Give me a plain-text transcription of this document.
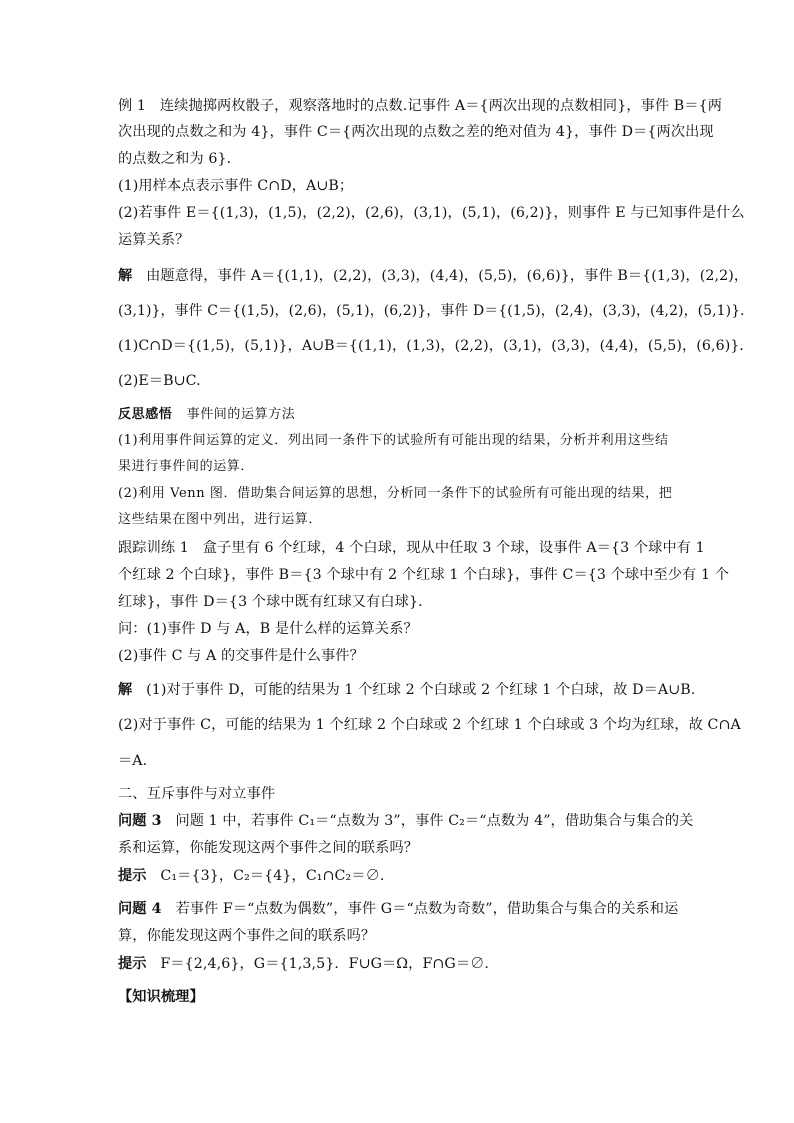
例 1 连续抛掷两枚骰子，观察落地时的点数.记事件 A＝{两次出现的点数相同}，事件 B＝{两
次出现的点数之和为 4}，事件 C＝{两次出现的点数之差的绝对值为 4}，事件 D＝{两次出现
的点数之和为 6}．
(1)用样本点表示事件 C∩D，A∪B；
(2)若事件 E＝{(1,3)，(1,5)，(2,2)，(2,6)，(3,1)，(5,1)，(6,2)}，则事件 E 与已知事件是什么
运算关系？
解 由题意得，事件 A＝{(1,1)，(2,2)，(3,3)，(4,4)，(5,5)，(6,6)}，事件 B＝{(1,3)，(2,2)，
(3,1)}，事件 C＝{(1,5)，(2,6)，(5,1)，(6,2)}，事件 D＝{(1,5)，(2,4)，(3,3)，(4,2)，(5,1)}．
(1)C∩D＝{(1,5)，(5,1)}，A∪B＝{(1,1)，(1,3)，(2,2)，(3,1)，(3,3)，(4,4)，(5,5)，(6,6)}．
(2)E＝B∪C.
反思感悟 事件间的运算方法
(1)利用事件间运算的定义．列出同一条件下的试验所有可能出现的结果，分析并利用这些结
果进行事件间的运算．
(2)利用 Venn 图．借助集合间运算的思想，分析同一条件下的试验所有可能出现的结果，把
这些结果在图中列出，进行运算．
跟踪训练 1 盒子里有 6 个红球，4 个白球，现从中任取 3 个球，设事件 A＝{3 个球中有 1
个红球 2 个白球}，事件 B＝{3 个球中有 2 个红球 1 个白球}，事件 C＝{3 个球中至少有 1 个
红球}，事件 D＝{3 个球中既有红球又有白球}．
问：(1)事件 D 与 A，B 是什么样的运算关系？
(2)事件 C 与 A 的交事件是什么事件？
解 (1)对于事件 D，可能的结果为 1 个红球 2 个白球或 2 个红球 1 个白球，故 D＝A∪B.
(2)对于事件 C，可能的结果为 1 个红球 2 个白球或 2 个红球 1 个白球或 3 个均为红球，故 C∩A
＝A.
二、互斥事件与对立事件
问题 3 问题 1 中，若事件 C₁＝“点数为 3”，事件 C₂＝“点数为 4”，借助集合与集合的关
系和运算，你能发现这两个事件之间的联系吗？
提示 C₁＝{3}，C₂＝{4}，C₁∩C₂＝∅.
问题 4 若事件 F＝“点数为偶数”，事件 G＝“点数为奇数”，借助集合与集合的关系和运
算，你能发现这两个事件之间的联系吗？
提示 F＝{2,4,6}，G＝{1,3,5}．F∪G＝Ω，F∩G＝∅.
【知识梳理】
